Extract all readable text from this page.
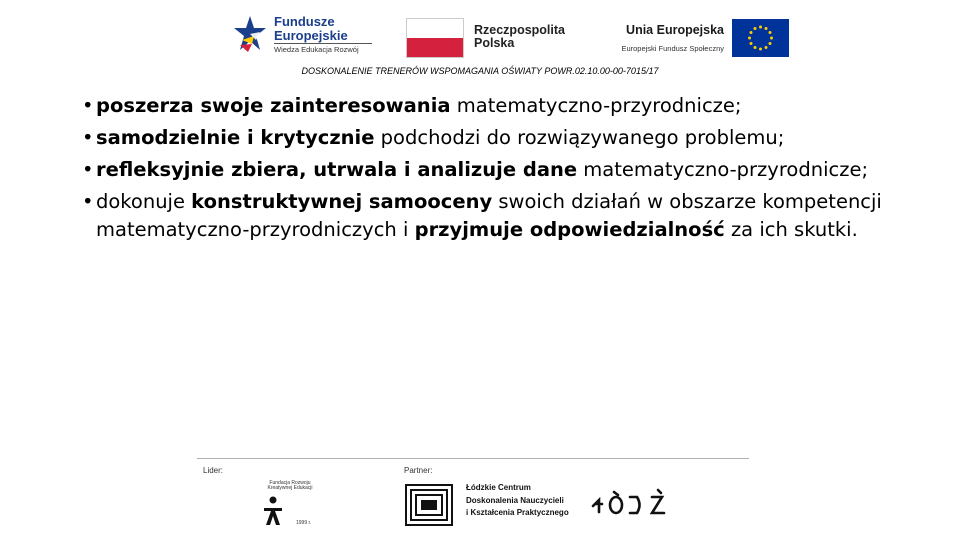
Fundusze
Europejskie
Wiedza Edukacja Rozwój
Rzeczpospolita
Polska
Unia Europejska
Europejski Fundusz Społeczny
DOSKONALENIE TRENERÓW WSPOMAGANIA OŚWIATY POWR.02.10.00-00-7015/17
• poszerza swoje zainteresowania matematyczno-przyrodnicze;
• samodzielnie i krytycznie podchodzi do rozwiązywanego problemu;
• refleksyjnie zbiera, utrwala i analizuje dane matematyczno-przyrodnicze;
• dokonuje konstruktywnej samooceny swoich działań w obszarze kompetencji matematyczno-przyrodniczych i przyjmuje odpowiedzialność za ich skutki.
Lider:	Partner:
Fundacja Rozwoju Kreatywnej Edukacji
1999 r.
Łódzkie Centrum
Doskonalenia Nauczycieli
i Kształcenia Praktycznego
